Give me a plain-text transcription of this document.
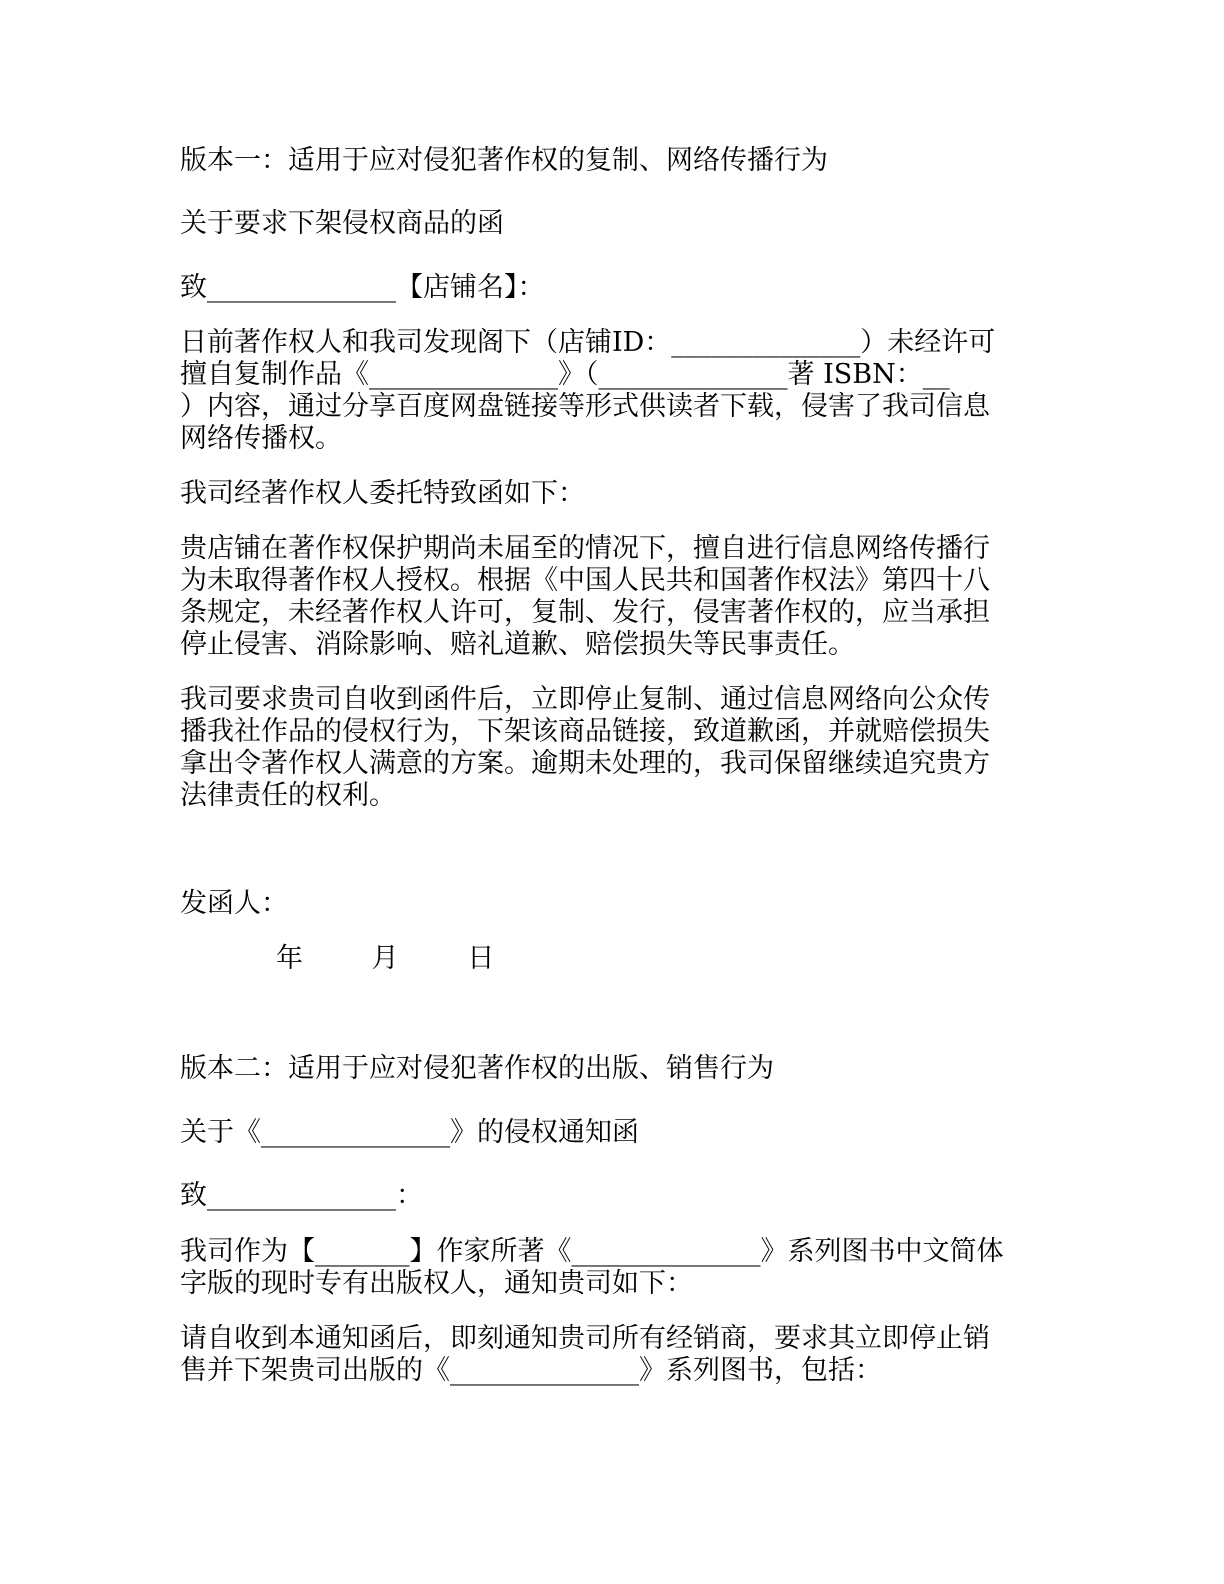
版本一：适用于应对侵犯著作权的复制、网络传播行为

关于要求下架侵权商品的函

致______________【店铺名】：

日前著作权人和我司发现阁下（店铺ID：______________）未经许可

擅自复制作品《______________》（______________著 ISBN：__

）内容，通过分享百度网盘链接等形式供读者下载，侵害了我司信息

网络传播权。

我司经著作权人委托特致函如下：

贵店铺在著作权保护期尚未届至的情况下，擅自进行信息网络传播行

为未取得著作权人授权。根据《中国人民共和国著作权法》第四十八

条规定，未经著作权人许可，复制、发行，侵害著作权的，应当承担

停止侵害、消除影响、赔礼道歉、赔偿损失等民事责任。

我司要求贵司自收到函件后，立即停止复制、通过信息网络向公众传

播我社作品的侵权行为，下架该商品链接，致道歉函，并就赔偿损失

拿出令著作权人满意的方案。逾期未处理的，我司保留继续追究贵方

法律责任的权利。

发函人：

年        月        日

版本二：适用于应对侵犯著作权的出版、销售行为

关于《______________》的侵权通知函

致______________：

我司作为【_______】作家所著《______________》系列图书中文简体

字版的现时专有出版权人，通知贵司如下：

请自收到本通知函后，即刻通知贵司所有经销商，要求其立即停止销

售并下架贵司出版的《______________》系列图书，包括：
